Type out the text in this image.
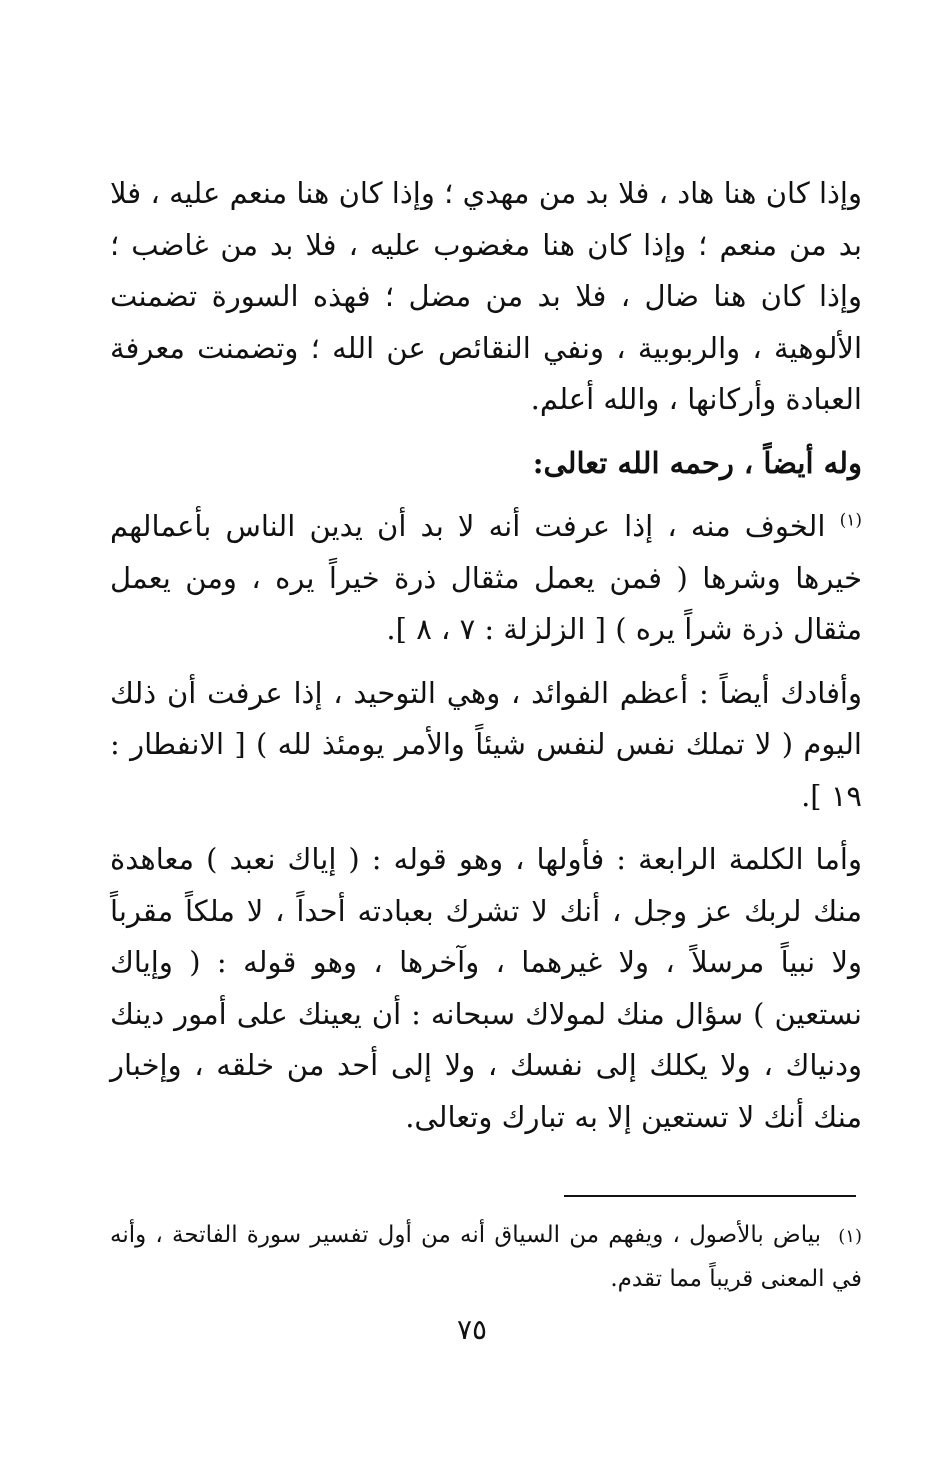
وإذا كان هنا هاد ، فلا بد من مهدي ؛ وإذا كان هنا منعم عليه ، فلا بد من منعم ؛ وإذا كان هنا مغضوب عليه ، فلا بد من غاضب ؛ وإذا كان هنا ضال ، فلا بد من مضل ؛ فهذه السورة تضمنت الألوهية ، والربوبية ، ونفي النقائص عن الله ؛ وتضمنت معرفة العبادة وأركانها ، والله أعلم.

وله أيضاً ، رحمه الله تعالى:

$^{(١)}$ الخوف منه ، إذا عرفت أنه لا بد أن يدين الناس بأعمالهم خيرها وشرها ( فمن يعمل مثقال ذرة خيراً يره ، ومن يعمل مثقال ذرة شراً يره ) [ الزلزلة : ٧ ، ٨ ].

وأفادك أيضاً : أعظم الفوائد ، وهي التوحيد ، إذا عرفت أن ذلك اليوم ( لا تملك نفس لنفس شيئاً والأمر يومئذ لله ) [ الانفطار : ١٩ ].

وأما الكلمة الرابعة : فأولها ، وهو قوله : ( إياك نعبد ) معاهدة منك لربك عز وجل ، أنك لا تشرك بعبادته أحداً ، لا ملكاً مقرباً ولا نبياً مرسلاً ، ولا غيرهما ، وآخرها ، وهو قوله : ( وإياك نستعين ) سؤال منك لمولاك سبحانه : أن يعينك على أمور دينك ودنياك ، ولا يكلك إلى نفسك ، ولا إلى أحد من خلقه ، وإخبار منك أنك لا تستعين إلا به تبارك وتعالى.

(١) بياض بالأصول ، ويفهم من السياق أنه من أول تفسير سورة الفاتحة ، وأنه في المعنى قريباً مما تقدم.
٧٥
